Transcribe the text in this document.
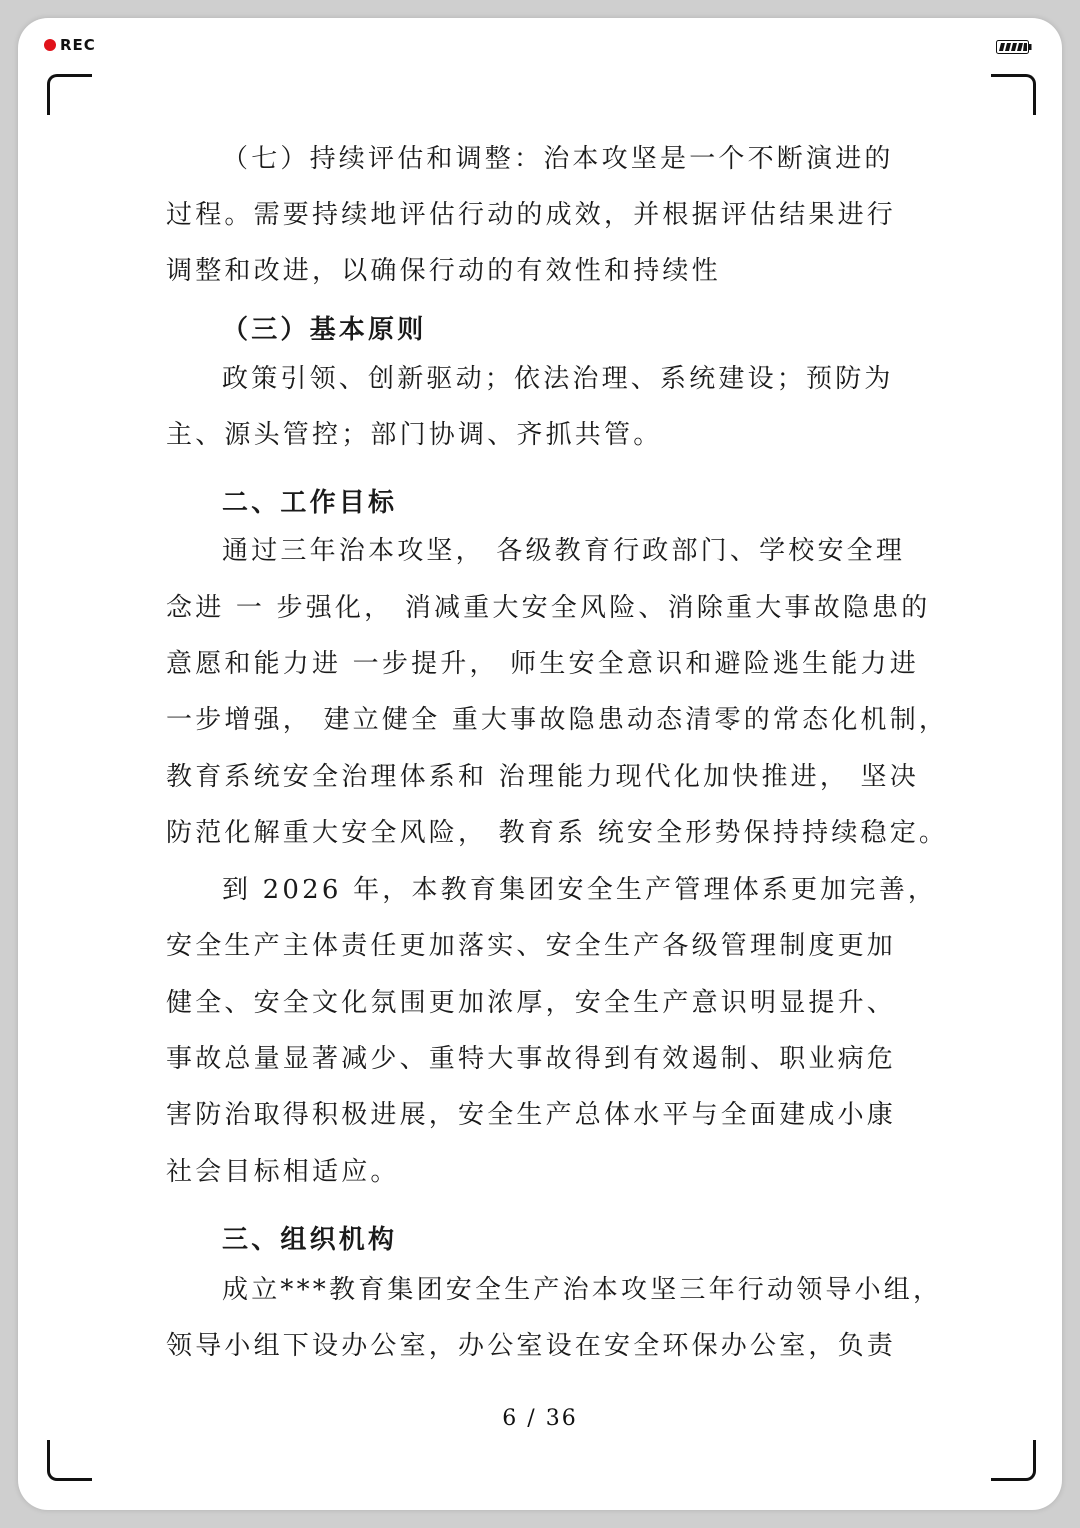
REC
（七）持续评估和调整：治本攻坚是一个不断演进的
过程。需要持续地评估行动的成效，并根据评估结果进行
调整和改进，以确保行动的有效性和持续性
（三）基本原则
政策引领、创新驱动；依法治理、系统建设；预防为
主、源头管控；部门协调、齐抓共管。
二、工作目标
通过三年治本攻坚， 各级教育行政部门、学校安全理
念进 一 步强化， 消减重大安全风险、消除重大事故隐患的
意愿和能力进 一步提升， 师生安全意识和避险逃生能力进
一步增强， 建立健全 重大事故隐患动态清零的常态化机制，
教育系统安全治理体系和 治理能力现代化加快推进， 坚决
防范化解重大安全风险， 教育系 统安全形势保持持续稳定。
到 2026 年，本教育集团安全生产管理体系更加完善，
安全生产主体责任更加落实、安全生产各级管理制度更加
健全、安全文化氛围更加浓厚，安全生产意识明显提升、
事故总量显著减少、重特大事故得到有效遏制、职业病危
害防治取得积极进展，安全生产总体水平与全面建成小康
社会目标相适应。
三、组织机构
成立***教育集团安全生产治本攻坚三年行动领导小组，
领导小组下设办公室，办公室设在安全环保办公室，负责
6 / 36
